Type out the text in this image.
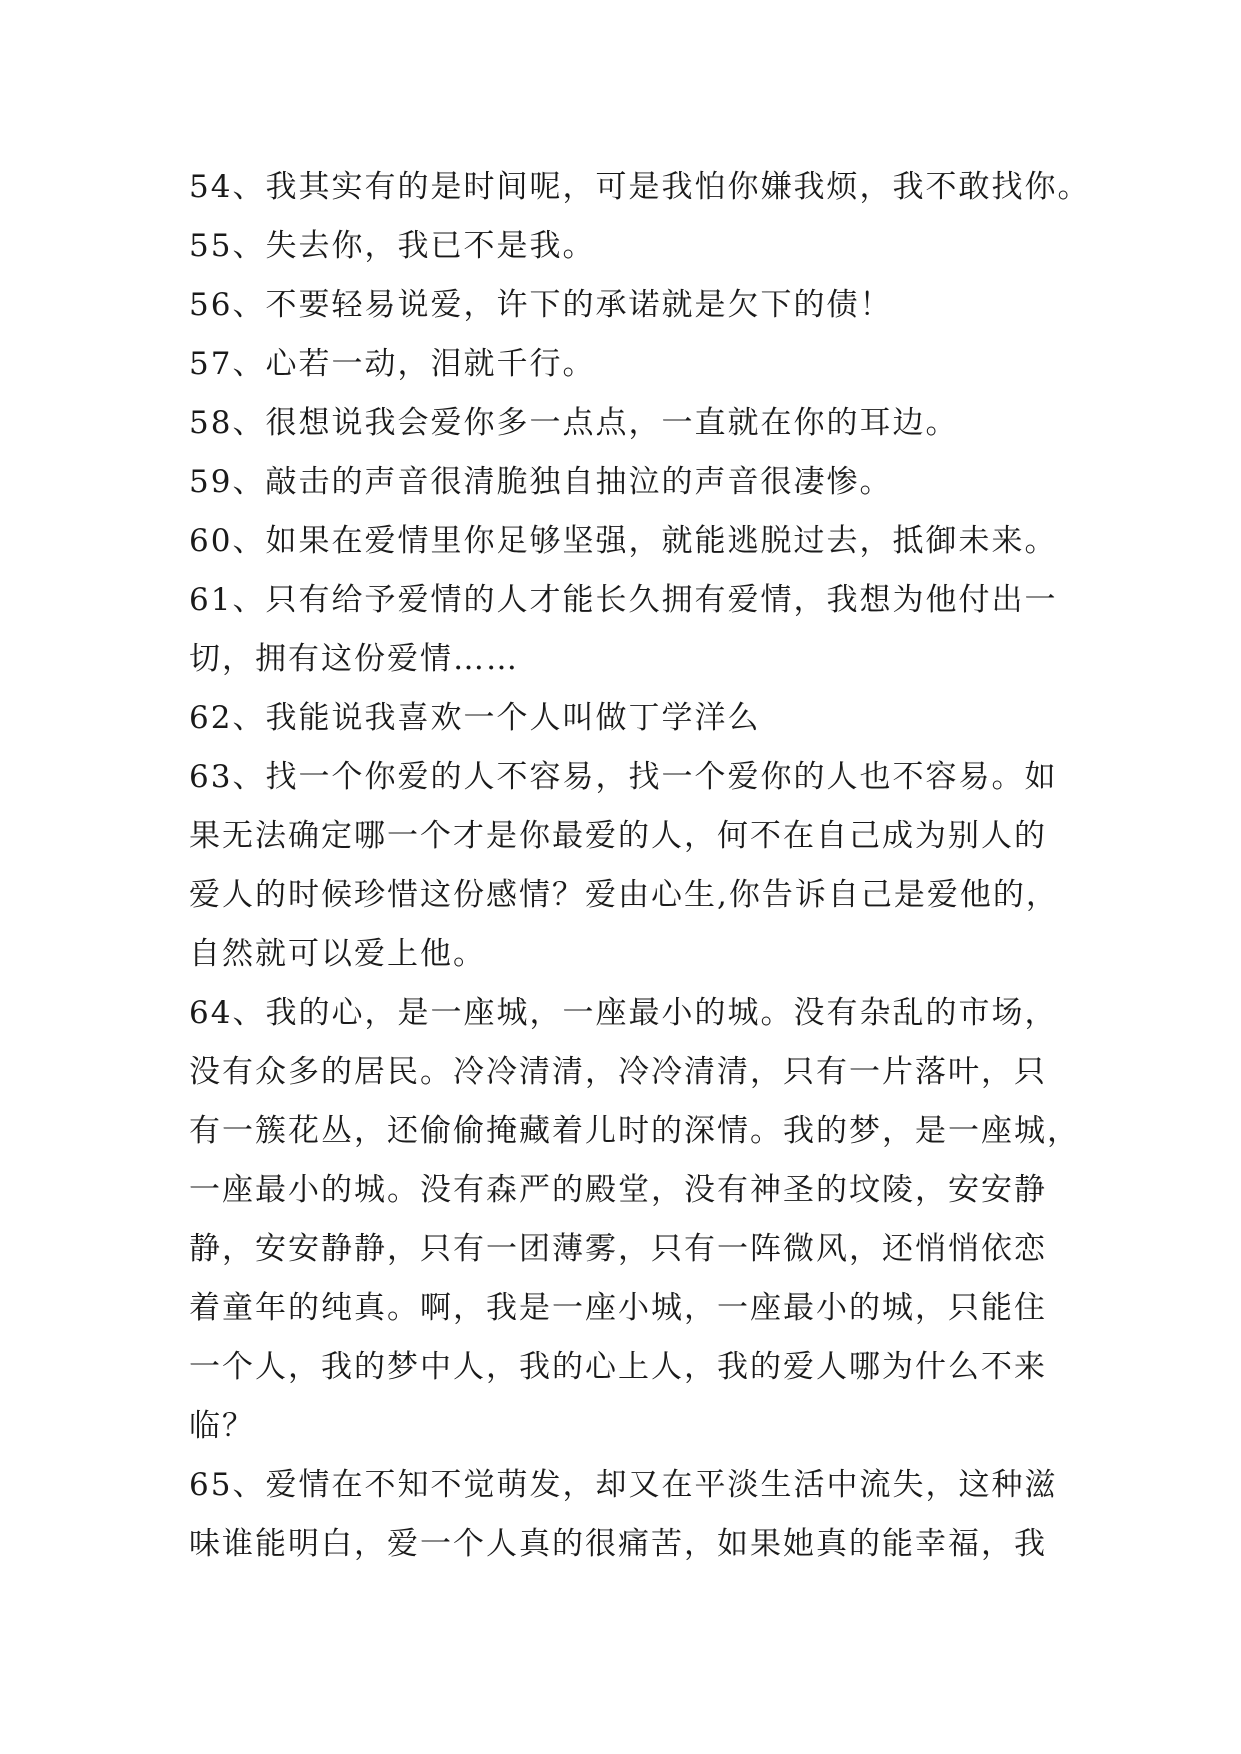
54、我其实有的是时间呢，可是我怕你嫌我烦，我不敢找你。
55、失去你，我已不是我。
56、不要轻易说爱，许下的承诺就是欠下的债！
57、心若一动，泪就千行。
58、很想说我会爱你多一点点，一直就在你的耳边。
59、敲击的声音很清脆独自抽泣的声音很凄惨。
60、如果在爱情里你足够坚强，就能逃脱过去，抵御未来。
61、只有给予爱情的人才能长久拥有爱情，我想为他付出一
切，拥有这份爱情……
62、我能说我喜欢一个人叫做丁学洋么
63、找一个你爱的人不容易，找一个爱你的人也不容易。如
果无法确定哪一个才是你最爱的人，何不在自己成为别人的
爱人的时候珍惜这份感情？爱由心生,你告诉自己是爱他的，
自然就可以爱上他。
64、我的心，是一座城，一座最小的城。没有杂乱的市场，
没有众多的居民。冷冷清清，冷冷清清，只有一片落叶，只
有一簇花丛，还偷偷掩藏着儿时的深情。我的梦，是一座城，
一座最小的城。没有森严的殿堂，没有神圣的坟陵，安安静
静，安安静静，只有一团薄雾，只有一阵微风，还悄悄依恋
着童年的纯真。啊，我是一座小城，一座最小的城，只能住
一个人，我的梦中人，我的心上人，我的爱人哪为什么不来
临？
65、爱情在不知不觉萌发，却又在平淡生活中流失，这种滋
味谁能明白，爱一个人真的很痛苦，如果她真的能幸福，我
